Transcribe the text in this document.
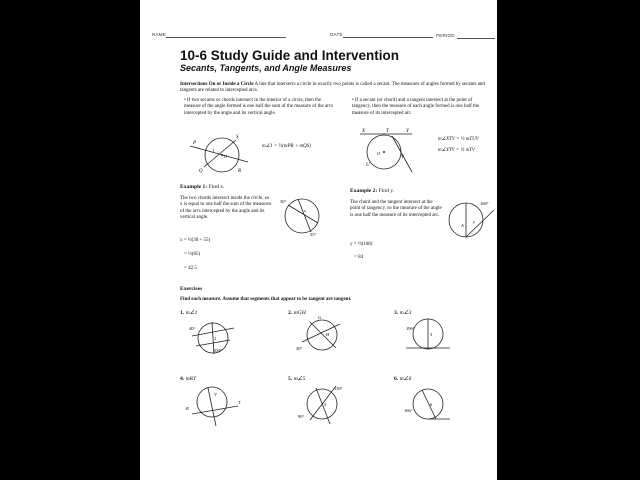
NAME	DATE	PERIOD
10-6 Study Guide and Intervention
Secants, Tangents, and Angle Measures
Intersections On or Inside a Circle A line that intersects a circle in exactly two points is called a secant. The measures of angles formed by secants and tangents are related to intercepted arcs.
• If two secants or chords intersect in the interior of a circle, then the measure of the angle formed is one half the sum of the measure of the arcs intercepted by the angle and its vertical angle.
• If a secant (or chord) and a tangent intersect at the point of tangency, then the measure of each angle formed is one half the measure of its intercepted arc.
P
Q	R
S
O
1
m∠1 = ½(mPR + mQS)
X	T	Y
U
V
O
m∠XTV = ½ mTUV
m∠YTV = ½ mTV
Example 1: Find x.
The two chords intersect inside the circle, so x is equal to one half the sum of the measures of the arcs intercepted by the angle and its vertical angle.
x = ½(30 + 55)
= ½(85)
= 42.5
30°
55°
x
Example 2: Find y.
The chord and the tangent intersect at the point of tangency, so the measure of the angle is one half the measure of its intercepted arc.
y = ½(168)
= 84
168°
y
A
Exercises
Find each measure. Assume that segments that appear to be tangent are tangent.
1. m∠1
40°
1
100°
2. mGH
G
H
30°
3. m∠3
3
196°
4. mRT
V
R
T
5. m∠5
130°
5
90°
6. m∠6
6
166°
